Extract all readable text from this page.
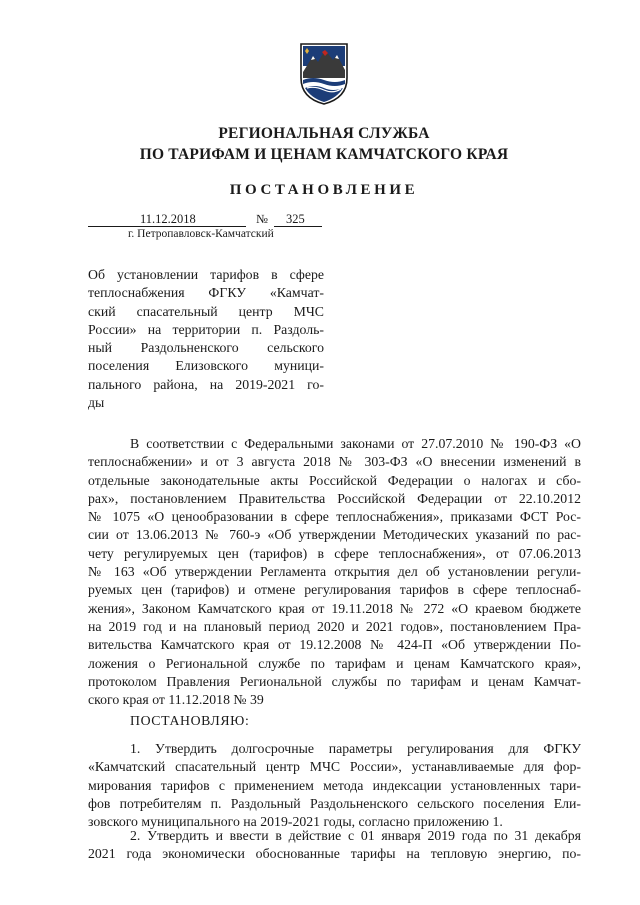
РЕГИОНАЛЬНАЯ СЛУЖБА
ПО ТАРИФАМ И ЦЕНАМ КАМЧАТСКОГО КРАЯ
ПОСТАНОВЛЕНИЕ
11.12.2018	№ 325
г. Петропавловск-Камчатский
Об установлении тарифов в сфере
теплоснабжения ФГКУ «Камчат-
ский спасательный центр МЧС
России» на территории п. Раздоль-
ный Раздольненского сельского
поселения Елизовского муници-
пального района, на 2019-2021 го-
ды
В соответствии с Федеральными законами от 27.07.2010 № 190-ФЗ «О
теплоснабжении» и от 3 августа 2018 № 303-ФЗ «О внесении изменений в
отдельные законодательные акты Российской Федерации о налогах и сбо-
рах», постановлением Правительства Российской Федерации от 22.10.2012
№ 1075 «О ценообразовании в сфере теплоснабжения», приказами ФСТ Рос-
сии от 13.06.2013 № 760-э «Об утверждении Методических указаний по рас-
чету регулируемых цен (тарифов) в сфере теплоснабжения», от 07.06.2013
№ 163 «Об утверждении Регламента открытия дел об установлении регули-
руемых цен (тарифов) и отмене регулирования тарифов в сфере теплоснаб-
жения», Законом Камчатского края от 19.11.2018 № 272 «О краевом бюджете
на 2019 год и на плановый период 2020 и 2021 годов», постановлением Пра-
вительства Камчатского края от 19.12.2008 № 424-П «Об утверждении По-
ложения о Региональной службе по тарифам и ценам Камчатского края»,
протоколом Правления Региональной службы по тарифам и ценам Камчат-
ского края от 11.12.2018 № 39
ПОСТАНОВЛЯЮ:
1. Утвердить долгосрочные параметры регулирования для ФГКУ
«Камчатский спасательный центр МЧС России», устанавливаемые для фор-
мирования тарифов с применением метода индексации установленных тари-
фов потребителям п. Раздольный Раздольненского сельского поселения Ели-
зовского муниципального на 2019-2021 годы, согласно приложению 1.
2. Утвердить и ввести в действие с 01 января 2019 года по 31 декабря
2021 года экономически обоснованные тарифы на тепловую энергию, по-
